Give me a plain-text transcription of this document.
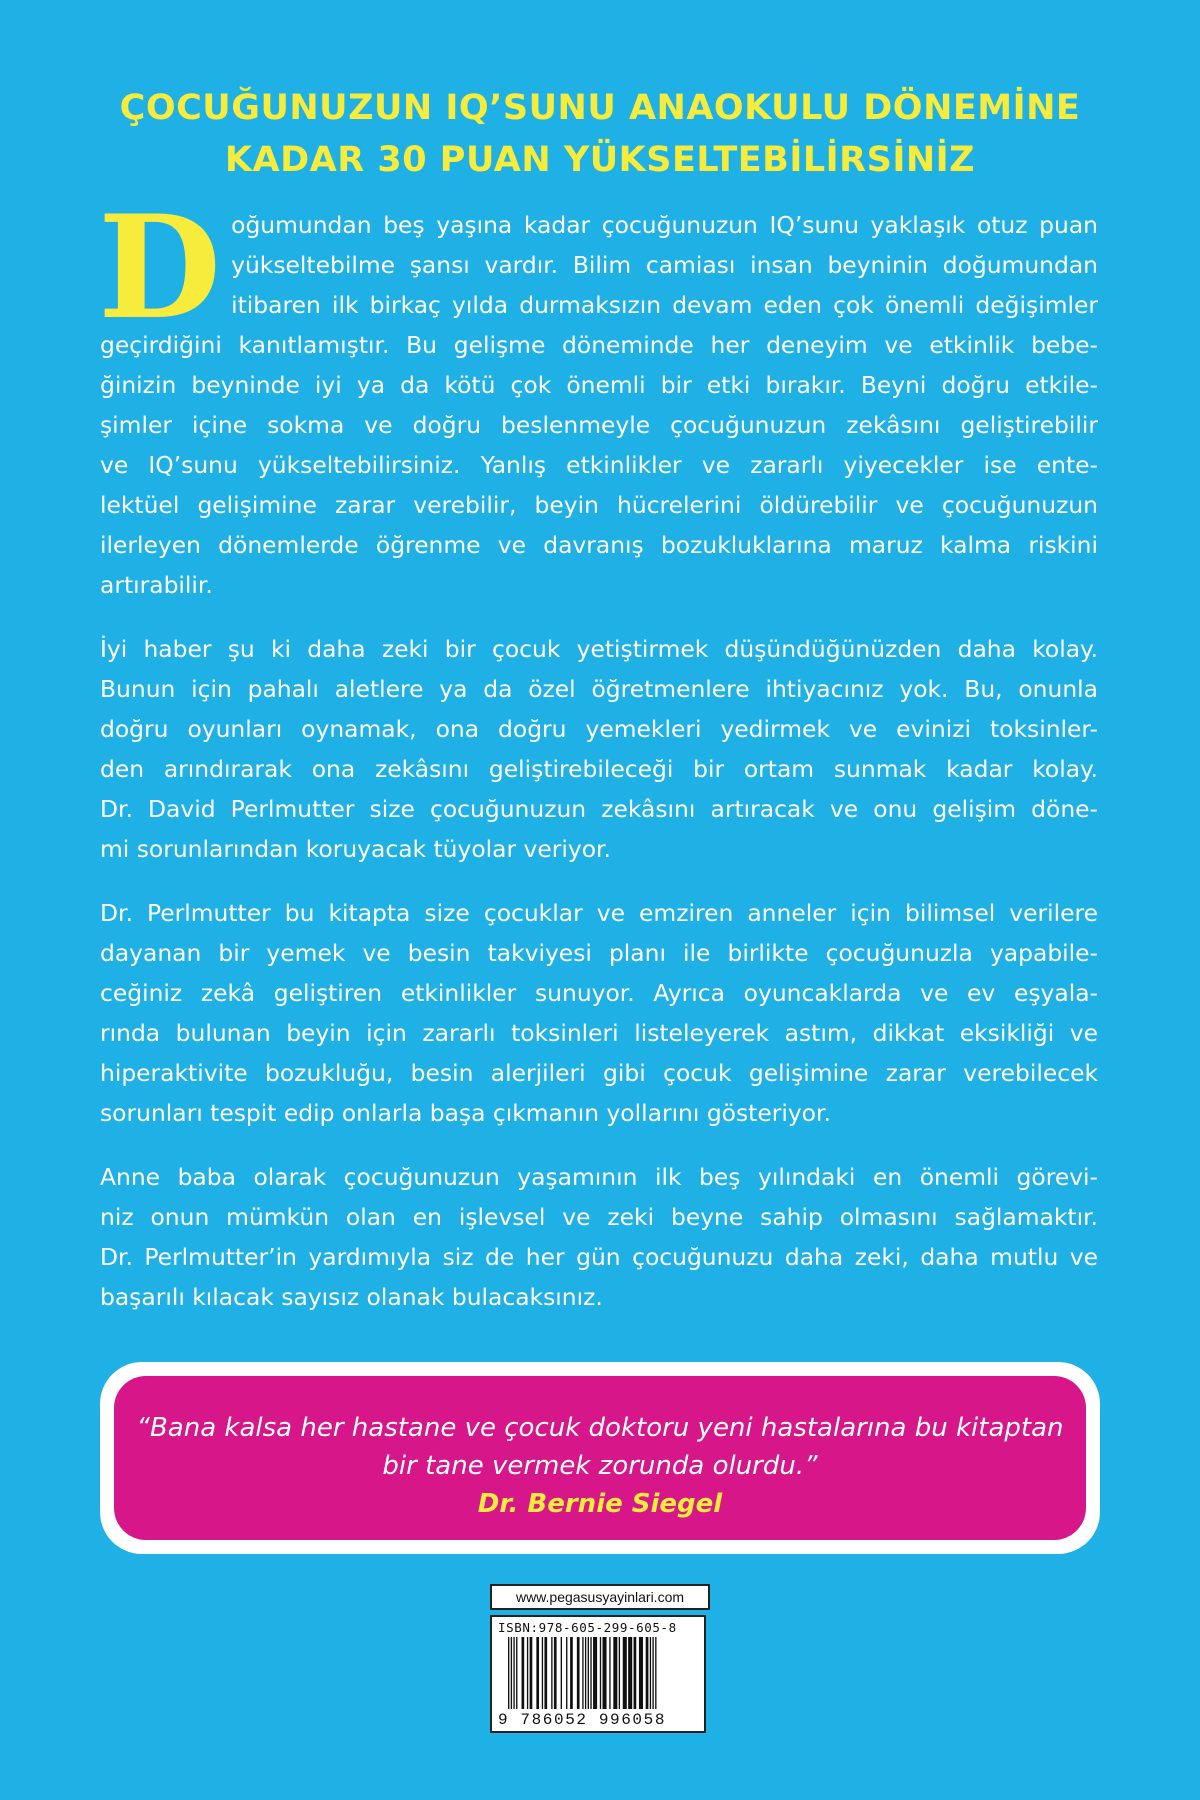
ÇOCUĞUNUZUN IQ’SUNU ANAOKULU DÖNEMİNE
KADAR 30 PUAN YÜKSELTEBİLİRSİNİZ
D oğumundan beş yaşına kadar çocuğunuzun IQ’sunu yaklaşık otuz puan
yükseltebilme şansı vardır. Bilim camiası insan beyninin doğumundan
itibaren ilk birkaç yılda durmaksızın devam eden çok önemli değişimler
geçirdiğini kanıtlamıştır. Bu gelişme döneminde her deneyim ve etkinlik bebe-
ğinizin beyninde iyi ya da kötü çok önemli bir etki bırakır. Beyni doğru etkile-
şimler içine sokma ve doğru beslenmeyle çocuğunuzun zekâsını geliştirebilir
ve IQ’sunu yükseltebilirsiniz. Yanlış etkinlikler ve zararlı yiyecekler ise ente-
lektüel gelişimine zarar verebilir, beyin hücrelerini öldürebilir ve çocuğunuzun
ilerleyen dönemlerde öğrenme ve davranış bozukluklarına maruz kalma riskini
artırabilir.
İyi haber şu ki daha zeki bir çocuk yetiştirmek düşündüğünüzden daha kolay.
Bunun için pahalı aletlere ya da özel öğretmenlere ihtiyacınız yok. Bu, onunla
doğru oyunları oynamak, ona doğru yemekleri yedirmek ve evinizi toksinler-
den arındırarak ona zekâsını geliştirebileceği bir ortam sunmak kadar kolay.
Dr. David Perlmutter size çocuğunuzun zekâsını artıracak ve onu gelişim döne-
mi sorunlarından koruyacak tüyolar veriyor.
Dr. Perlmutter bu kitapta size çocuklar ve emziren anneler için bilimsel verilere
dayanan bir yemek ve besin takviyesi planı ile birlikte çocuğunuzla yapabile-
ceğiniz zekâ geliştiren etkinlikler sunuyor. Ayrıca oyuncaklarda ve ev eşyala-
rında bulunan beyin için zararlı toksinleri listeleyerek astım, dikkat eksikliği ve
hiperaktivite bozukluğu, besin alerjileri gibi çocuk gelişimine zarar verebilecek
sorunları tespit edip onlarla başa çıkmanın yollarını gösteriyor.
Anne baba olarak çocuğunuzun yaşamının ilk beş yılındaki en önemli görevi-
niz onun mümkün olan en işlevsel ve zeki beyne sahip olmasını sağlamaktır.
Dr. Perlmutter’in yardımıyla siz de her gün çocuğunuzu daha zeki, daha mutlu ve
başarılı kılacak sayısız olanak bulacaksınız.
“Bana kalsa her hastane ve çocuk doktoru yeni hastalarına bu kitaptan
bir tane vermek zorunda olurdu.”
Dr. Bernie Siegel
www.pegasusyayinlari.com
ISBN:978-605-299-605-8
9 786052 996058
